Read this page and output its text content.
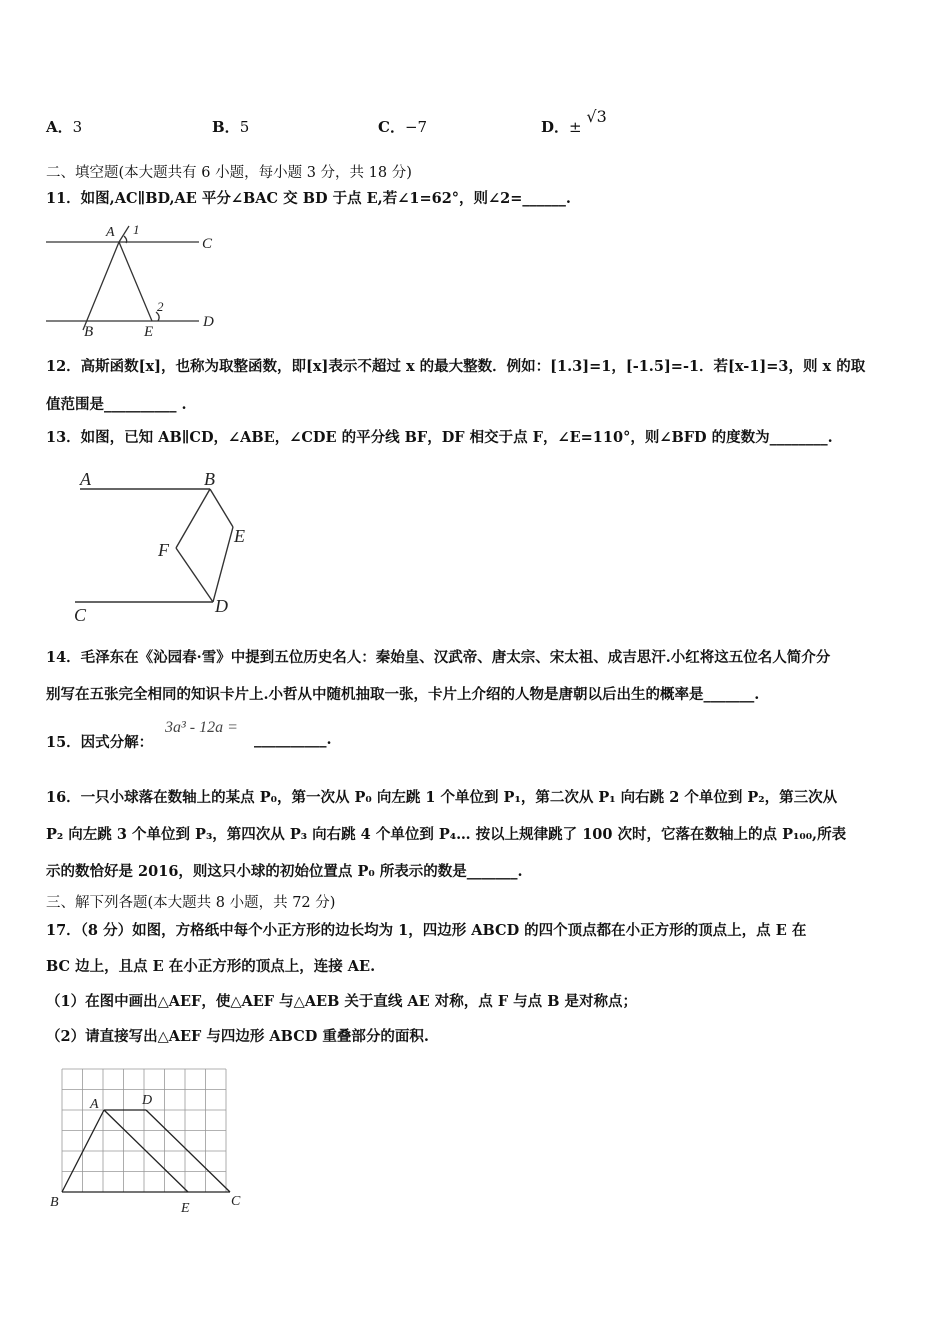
A．3	B．5	C．−7	D．± √3
二、填空题(本大题共有 6 小题，每小题 3 分，共 18 分)
11．如图,AC∥BD,AE 平分∠BAC 交 BD 于点 E,若∠1=62°，则∠2=______.
A 1
C
2
B	E
D
12．高斯函数[x]，也称为取整函数，即[x]表示不超过 x 的最大整数．例如：[1.3]=1，[-1.5]=-1．若[x-1]=3，则 x 的取
值范围是__________ .
13．如图，已知 AB∥CD，∠ABE，∠CDE 的平分线 BF，DF 相交于点 F，∠E=110°，则∠BFD 的度数为________.
A	B
E
F
C	D
14．毛泽东在《沁园春·雪》中提到五位历史名人：秦始皇、汉武帝、唐太宗、宋太祖、成吉思汗.小红将这五位名人简介分
别写在五张完全相同的知识卡片上.小哲从中随机抽取一张，卡片上介绍的人物是唐朝以后出生的概率是_______.
15．因式分解：
3a³ - 12a =
__________.
16．一只小球落在数轴上的某点 P₀，第一次从 P₀ 向左跳 1 个单位到 P₁，第二次从 P₁ 向右跳 2 个单位到 P₂，第三次从
P₂ 向左跳 3 个单位到 P₃，第四次从 P₃ 向右跳 4 个单位到 P₄… 按以上规律跳了 100 次时，它落在数轴上的点 P₁₀₀,所表
示的数恰好是 2016，则这只小球的初始位置点 P₀ 所表示的数是_______.
三、解下列各题(本大题共 8 小题，共 72 分)
17．（8 分）如图，方格纸中每个小正方形的边长均为 1，四边形 ABCD 的四个顶点都在小正方形的顶点上，点 E 在
BC 边上，且点 E 在小正方形的顶点上，连接 AE.
（1）在图中画出△AEF，使△AEF 与△AEB 关于直线 AE 对称，点 F 与点 B 是对称点；
（2）请直接写出△AEF 与四边形 ABCD 重叠部分的面积.
A	D
B	E	C
